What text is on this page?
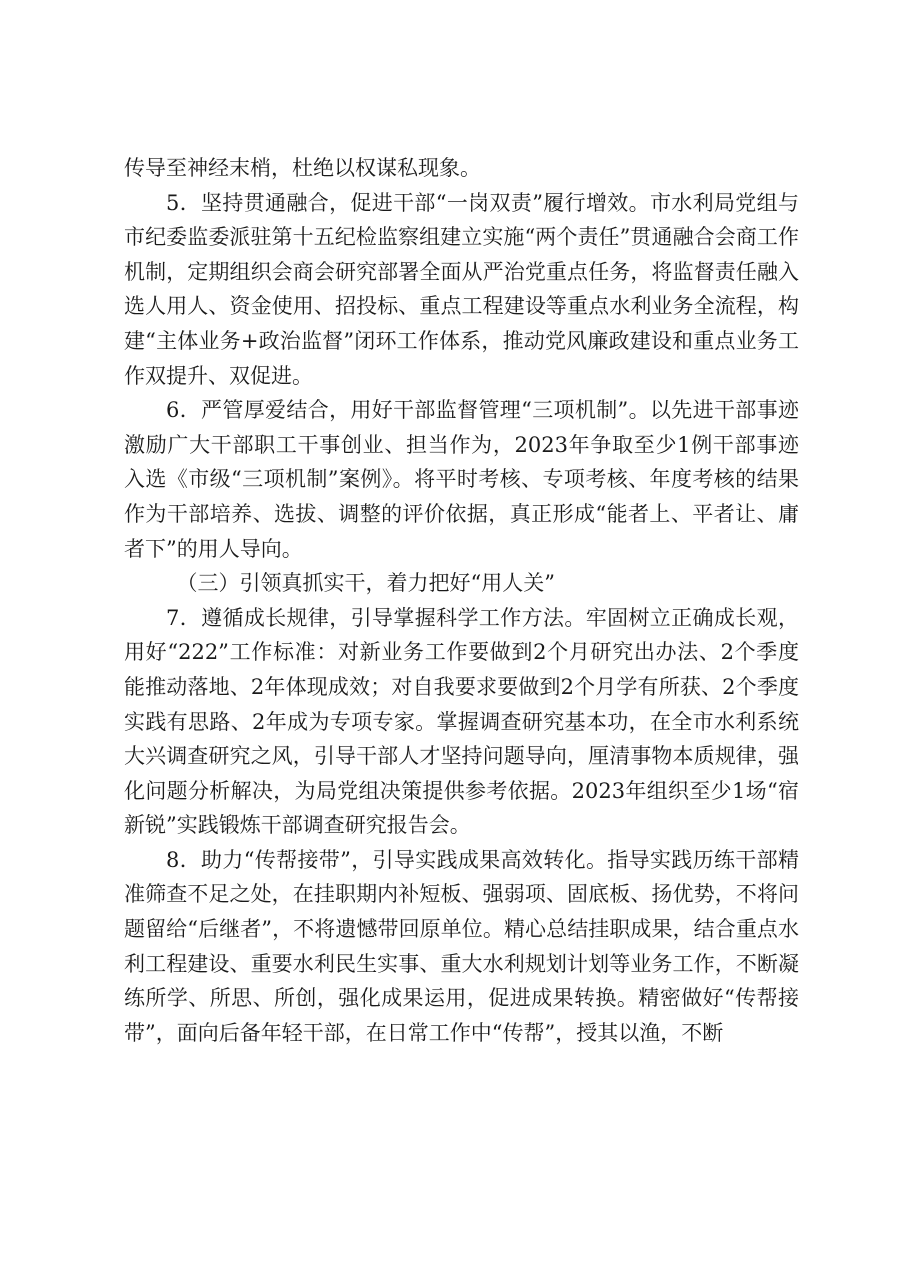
传导至神经末梢，杜绝以权谋私现象。

5．坚持贯通融合，促进干部“一岗双责”履行增效。市水利局党组与市纪委监委派驻第十五纪检监察组建立实施“两个责任”贯通融合会商工作机制，定期组织会商会研究部署全面从严治党重点任务，将监督责任融入选人用人、资金使用、招投标、重点工程建设等重点水利业务全流程，构建“主体业务+政治监督”闭环工作体系，推动党风廉政建设和重点业务工作双提升、双促进。

6．严管厚爱结合，用好干部监督管理“三项机制”。以先进干部事迹激励广大干部职工干事创业、担当作为，2023年争取至少1例干部事迹入选《市级“三项机制”案例》。将平时考核、专项考核、年度考核的结果作为干部培养、选拔、调整的评价依据，真正形成“能者上、平者让、庸者下”的用人导向。

（三）引领真抓实干，着力把好“用人关”

7．遵循成长规律，引导掌握科学工作方法。牢固树立正确成长观，用好“222”工作标准：对新业务工作要做到2个月研究出办法、2个季度能推动落地、2年体现成效；对自我要求要做到2个月学有所获、2个季度实践有思路、2年成为专项专家。掌握调查研究基本功，在全市水利系统大兴调查研究之风，引导干部人才坚持问题导向，厘清事物本质规律，强化问题分析解决，为局党组决策提供参考依据。2023年组织至少1场“宿新锐”实践锻炼干部调查研究报告会。

8．助力“传帮接带”，引导实践成果高效转化。指导实践历练干部精准筛查不足之处，在挂职期内补短板、强弱项、固底板、扬优势，不将问题留给“后继者”，不将遗憾带回原单位。精心总结挂职成果，结合重点水利工程建设、重要水利民生实事、重大水利规划计划等业务工作，不断凝练所学、所思、所创，强化成果运用，促进成果转换。精密做好“传帮接带”，面向后备年轻干部，在日常工作中“传帮”，授其以渔，不断
